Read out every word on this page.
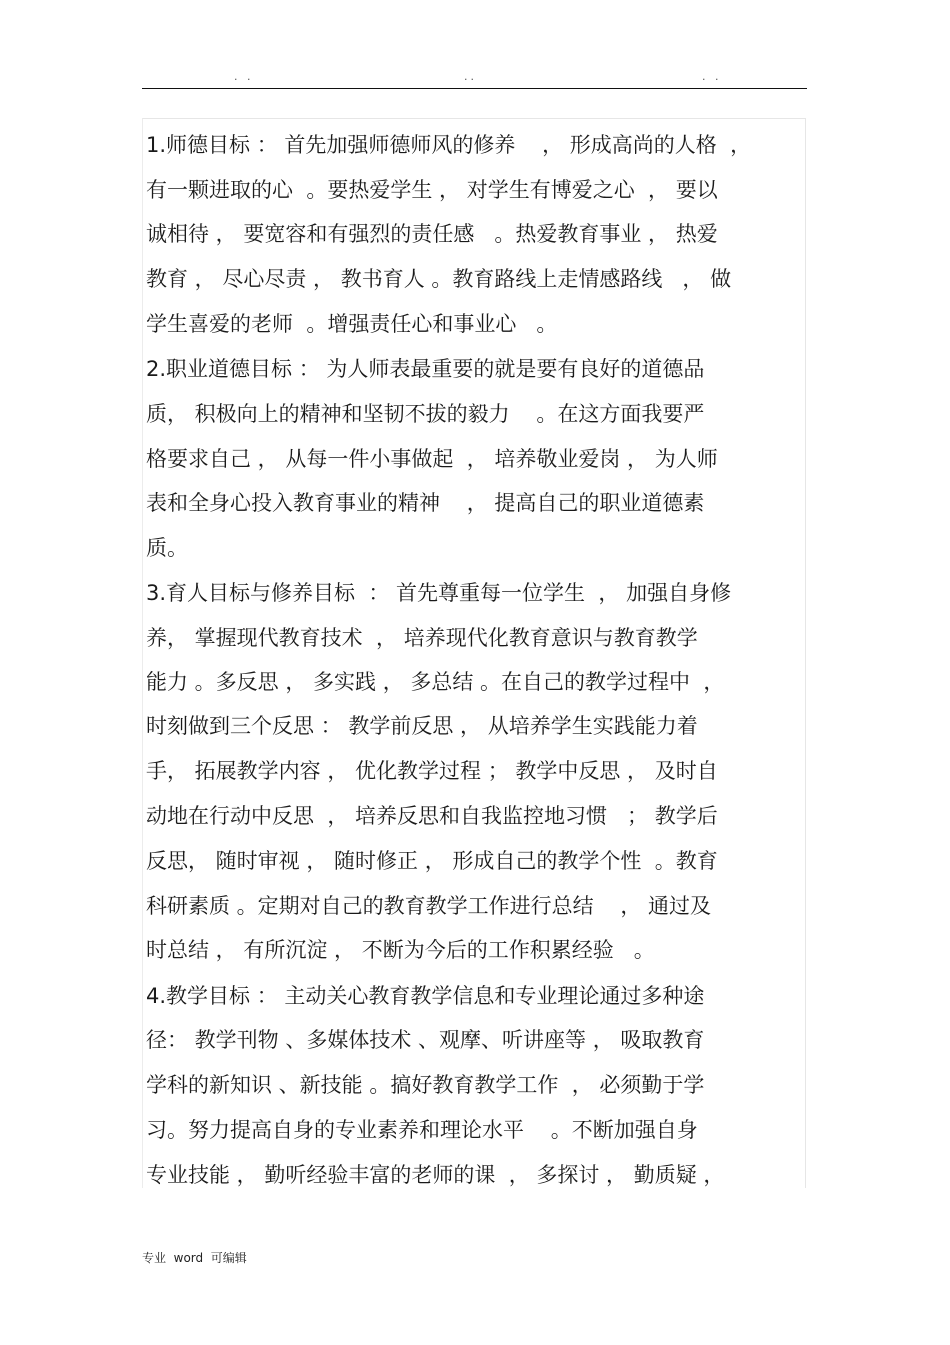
. .	..	. .
1.师德目标 ： 首先加强师德师风的修养    ， 形成高尚的人格  ，
有一颗进取的心  。要热爱学生 ， 对学生有博爱之心  ， 要以
诚相待 ， 要宽容和有强烈的责任感   。热爱教育事业 ， 热爱
教育 ， 尽心尽责 ， 教书育人 。教育路线上走情感路线   ， 做
学生喜爱的老师  。增强责任心和事业心   。
2.职业道德目标 ： 为人师表最重要的就是要有良好的道德品
质， 积极向上的精神和坚韧不拔的毅力    。在这方面我要严
格要求自己 ， 从每一件小事做起  ， 培养敬业爱岗 ， 为人师
表和全身心投入教育事业的精神    ， 提高自己的职业道德素
质。
3.育人目标与修养目标  ： 首先尊重每一位学生  ， 加强自身修
养， 掌握现代教育技术  ， 培养现代化教育意识与教育教学
能力 。多反思 ， 多实践 ， 多总结 。在自己的教学过程中  ，
时刻做到三个反思 ： 教学前反思 ， 从培养学生实践能力着
手， 拓展教学内容 ， 优化教学过程 ； 教学中反思 ， 及时自
动地在行动中反思  ， 培养反思和自我监控地习惯   ； 教学后
反思， 随时审视 ， 随时修正 ， 形成自己的教学个性  。教育
科研素质 。定期对自己的教育教学工作进行总结    ， 通过及
时总结 ， 有所沉淀 ， 不断为今后的工作积累经验   。
4.教学目标 ： 主动关心教育教学信息和专业理论通过多种途
径： 教学刊物 、多媒体技术 、观摩、听讲座等 ， 吸取教育
学科的新知识 、新技能 。搞好教育教学工作  ， 必须勤于学
习。努力提高自身的专业素养和理论水平    。不断加强自身
专业技能 ， 勤听经验丰富的老师的课  ， 多探讨 ， 勤质疑 ，
专业  word  可编辑
